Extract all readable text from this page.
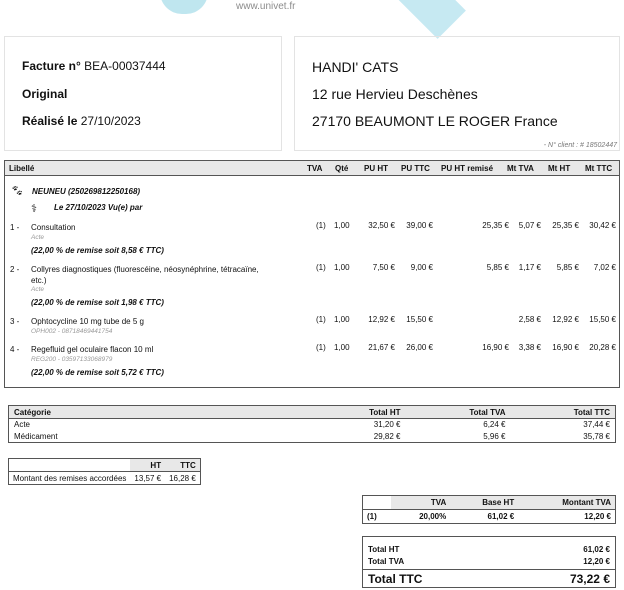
www.univet.fr
Facture n° BEA-00037444
Original
Réalisé le 27/10/2023
HANDI' CATS
12 rue Hervieu Deschènes
27170 BEAUMONT LE ROGER France
- N° client : # 18502447
Libellé	TVA Qté PU HT PU TTC PU HT remisé Mt TVA Mt HT Mt TTC
🐾︎ NEUNEU (250269812250168)
⚕ Le 27/10/2023 Vu(e) par
1 - Consultation
Acte
(22,00 % de remise soit 8,58 € TTC)
(1) 1,00 32,50 € 39,00 €	25,35 € 5,07 € 25,35 € 30,42 €
2 - Collyres diagnostiques (fluorescéine, néosynéphrine, tétracaïne,
etc.)
Acte
(22,00 % de remise soit 1,98 € TTC)
(1) 1,00	7,50 € 9,00 €	5,85 € 1,17 € 5,85 € 7,02 €
3 - Ophtocycline 10 mg tube de 5 g
OPH002 - 08718469441754
(1) 1,00 12,92 € 15,50 €	2,58 € 12,92 € 15,50 €
4 - Regefluid gel oculaire flacon 10 ml
REG200 - 03597133068979
(22,00 % de remise soit 5,72 € TTC)
(1) 1,00 21,67 € 26,00 €	16,90 € 3,38 € 16,90 € 20,28 €
Catégorie	Total HT	Total TVA	Total TTC
Acte	31,20 €	6,24 €	37,44 €
Médicament	29,82 €	5,96 €	35,78 €
	HT	TTC
Montant des remises accordées	13,57 €	16,28 €
	TVA	Base HT	Montant TVA
(1)	20,00%	61,02 €	12,20 €
Total HT	61,02 €
Total TVA	12,20 €
Total TTC	73,22 €
